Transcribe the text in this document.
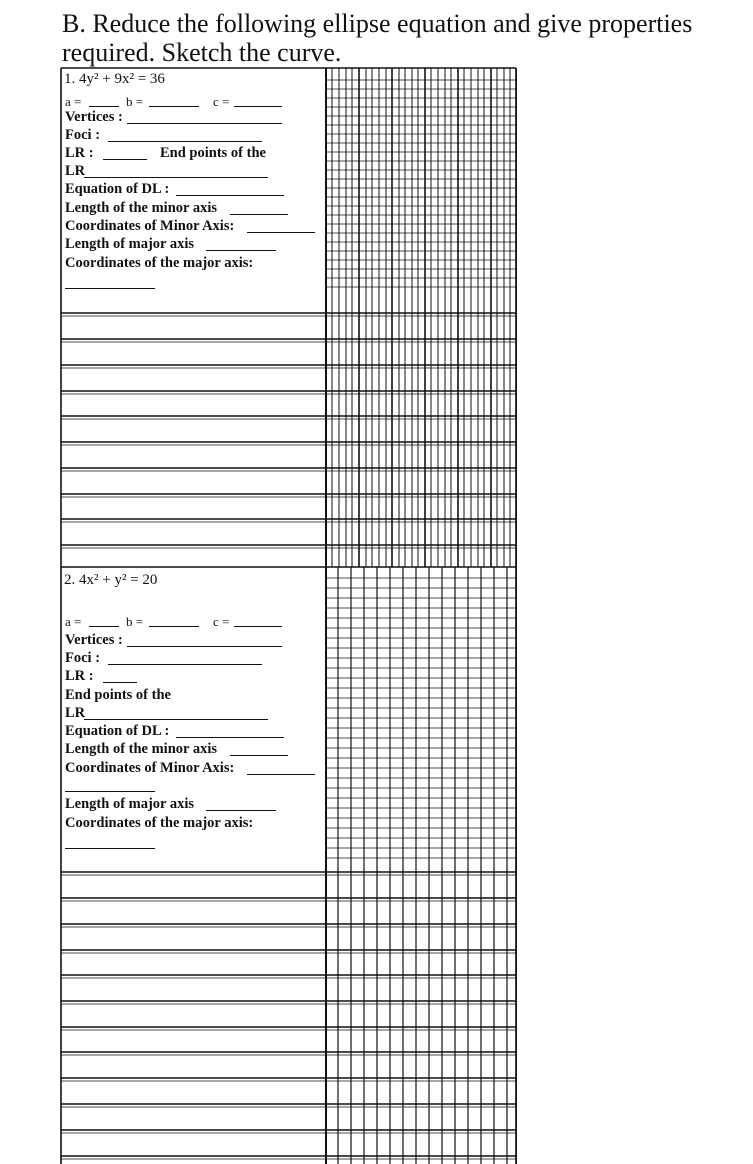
B. Reduce the following ellipse equation and give properties
required. Sketch the curve.
1. 4y² + 9x² = 36
a =	b =	c =
Vertices :
Foci :
LR :	End points of the
LR
Equation of DL :
Length of the minor axis
Coordinates of Minor Axis:
Length of major axis
Coordinates of the major axis:
2. 4x² + y² = 20
a =	b =	c =
Vertices :
Foci :
LR :
End points of the
LR
Equation of DL :
Length of the minor axis
Coordinates of Minor Axis:
Length of major axis
Coordinates of the major axis:
